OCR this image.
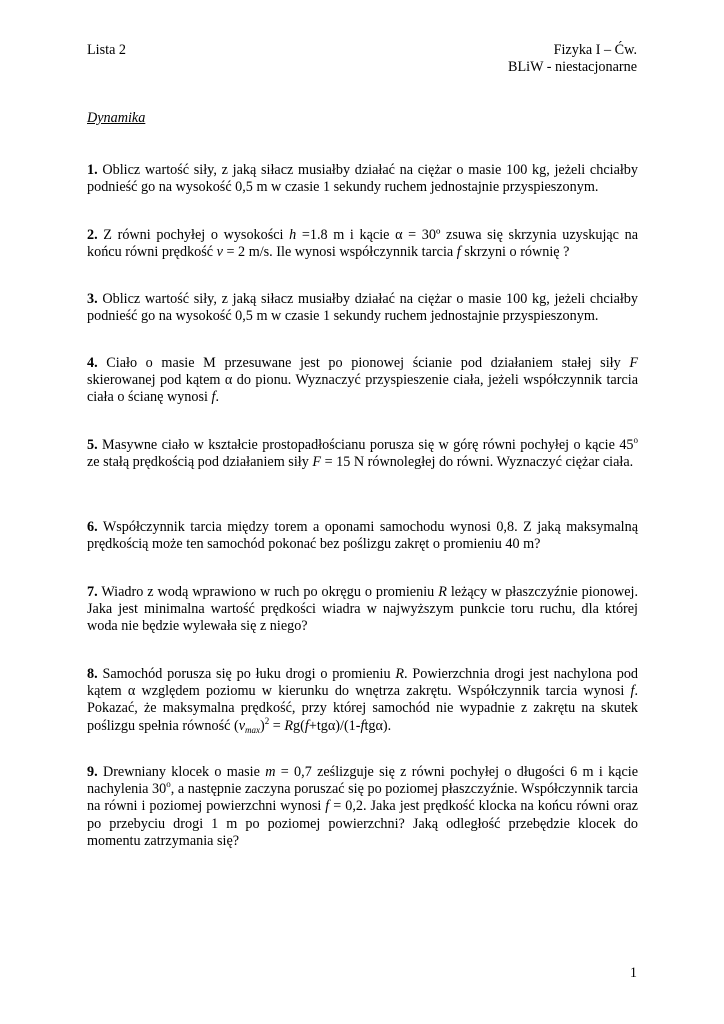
Lista 2	Fizyka I – Ćw.
BLiW - niestacjonarne
Dynamika
1. Oblicz wartość siły, z jaką siłacz musiałby działać na ciężar o masie 100 kg, jeżeli chciałby podnieść go na wysokość 0,5 m w czasie 1 sekundy ruchem jednostajnie przyspieszonym.
2. Z równi pochyłej o wysokości h =1.8 m i kącie α = 30º zsuwa się skrzynia uzyskując na końcu równi prędkość v = 2 m/s. Ile wynosi współczynnik tarcia f skrzyni o równię ?
3. Oblicz wartość siły, z jaką siłacz musiałby działać na ciężar o masie 100 kg, jeżeli chciałby podnieść go na wysokość 0,5 m w czasie 1 sekundy ruchem jednostajnie przyspieszonym.
4. Ciało o masie M przesuwane jest po pionowej ścianie pod działaniem stałej siły F skierowanej pod kątem α do pionu. Wyznaczyć przyspieszenie ciała, jeżeli współczynnik tarcia ciała o ścianę wynosi f.
5. Masywne ciało w kształcie prostopadłościanu porusza się w górę równi pochyłej o kącie 45$^o$ ze stałą prędkością pod działaniem siły F = 15 N równoległej do równi. Wyznaczyć ciężar ciała.
6. Współczynnik tarcia między torem a oponami samochodu wynosi 0,8. Z jaką maksymalną prędkością może ten samochód pokonać bez poślizgu zakręt o promieniu 40 m?
7. Wiadro z wodą wprawiono w ruch po okręgu o promieniu R leżący w płaszczyźnie pionowej. Jaka jest minimalna wartość prędkości wiadra w najwyższym punkcie toru ruchu, dla której woda nie będzie wylewała się z niego?
8. Samochód porusza się po łuku drogi o promieniu R. Powierzchnia drogi jest nachylona pod kątem α względem poziomu w kierunku do wnętrza zakrętu. Współczynnik tarcia wynosi f. Pokazać, że maksymalna prędkość, przy której samochód nie wypadnie z zakrętu na skutek poślizgu spełnia równość $(v_{max})^2 = Rg(f+tg\alpha)/(1-ftg\alpha)$.
9. Drewniany klocek o masie m = 0,7 ześlizguje się z równi pochyłej o długości 6 m i kącie nachylenia 30$^o$, a następnie zaczyna poruszać się po poziomej płaszczyźnie. Współczynnik tarcia na równi i poziomej powierzchni wynosi f = 0,2. Jaka jest prędkość klocka na końcu równi oraz po przebyciu drogi 1 m po poziomej powierzchni? Jaką odległość przebędzie klocek do momentu zatrzymania się?
1
